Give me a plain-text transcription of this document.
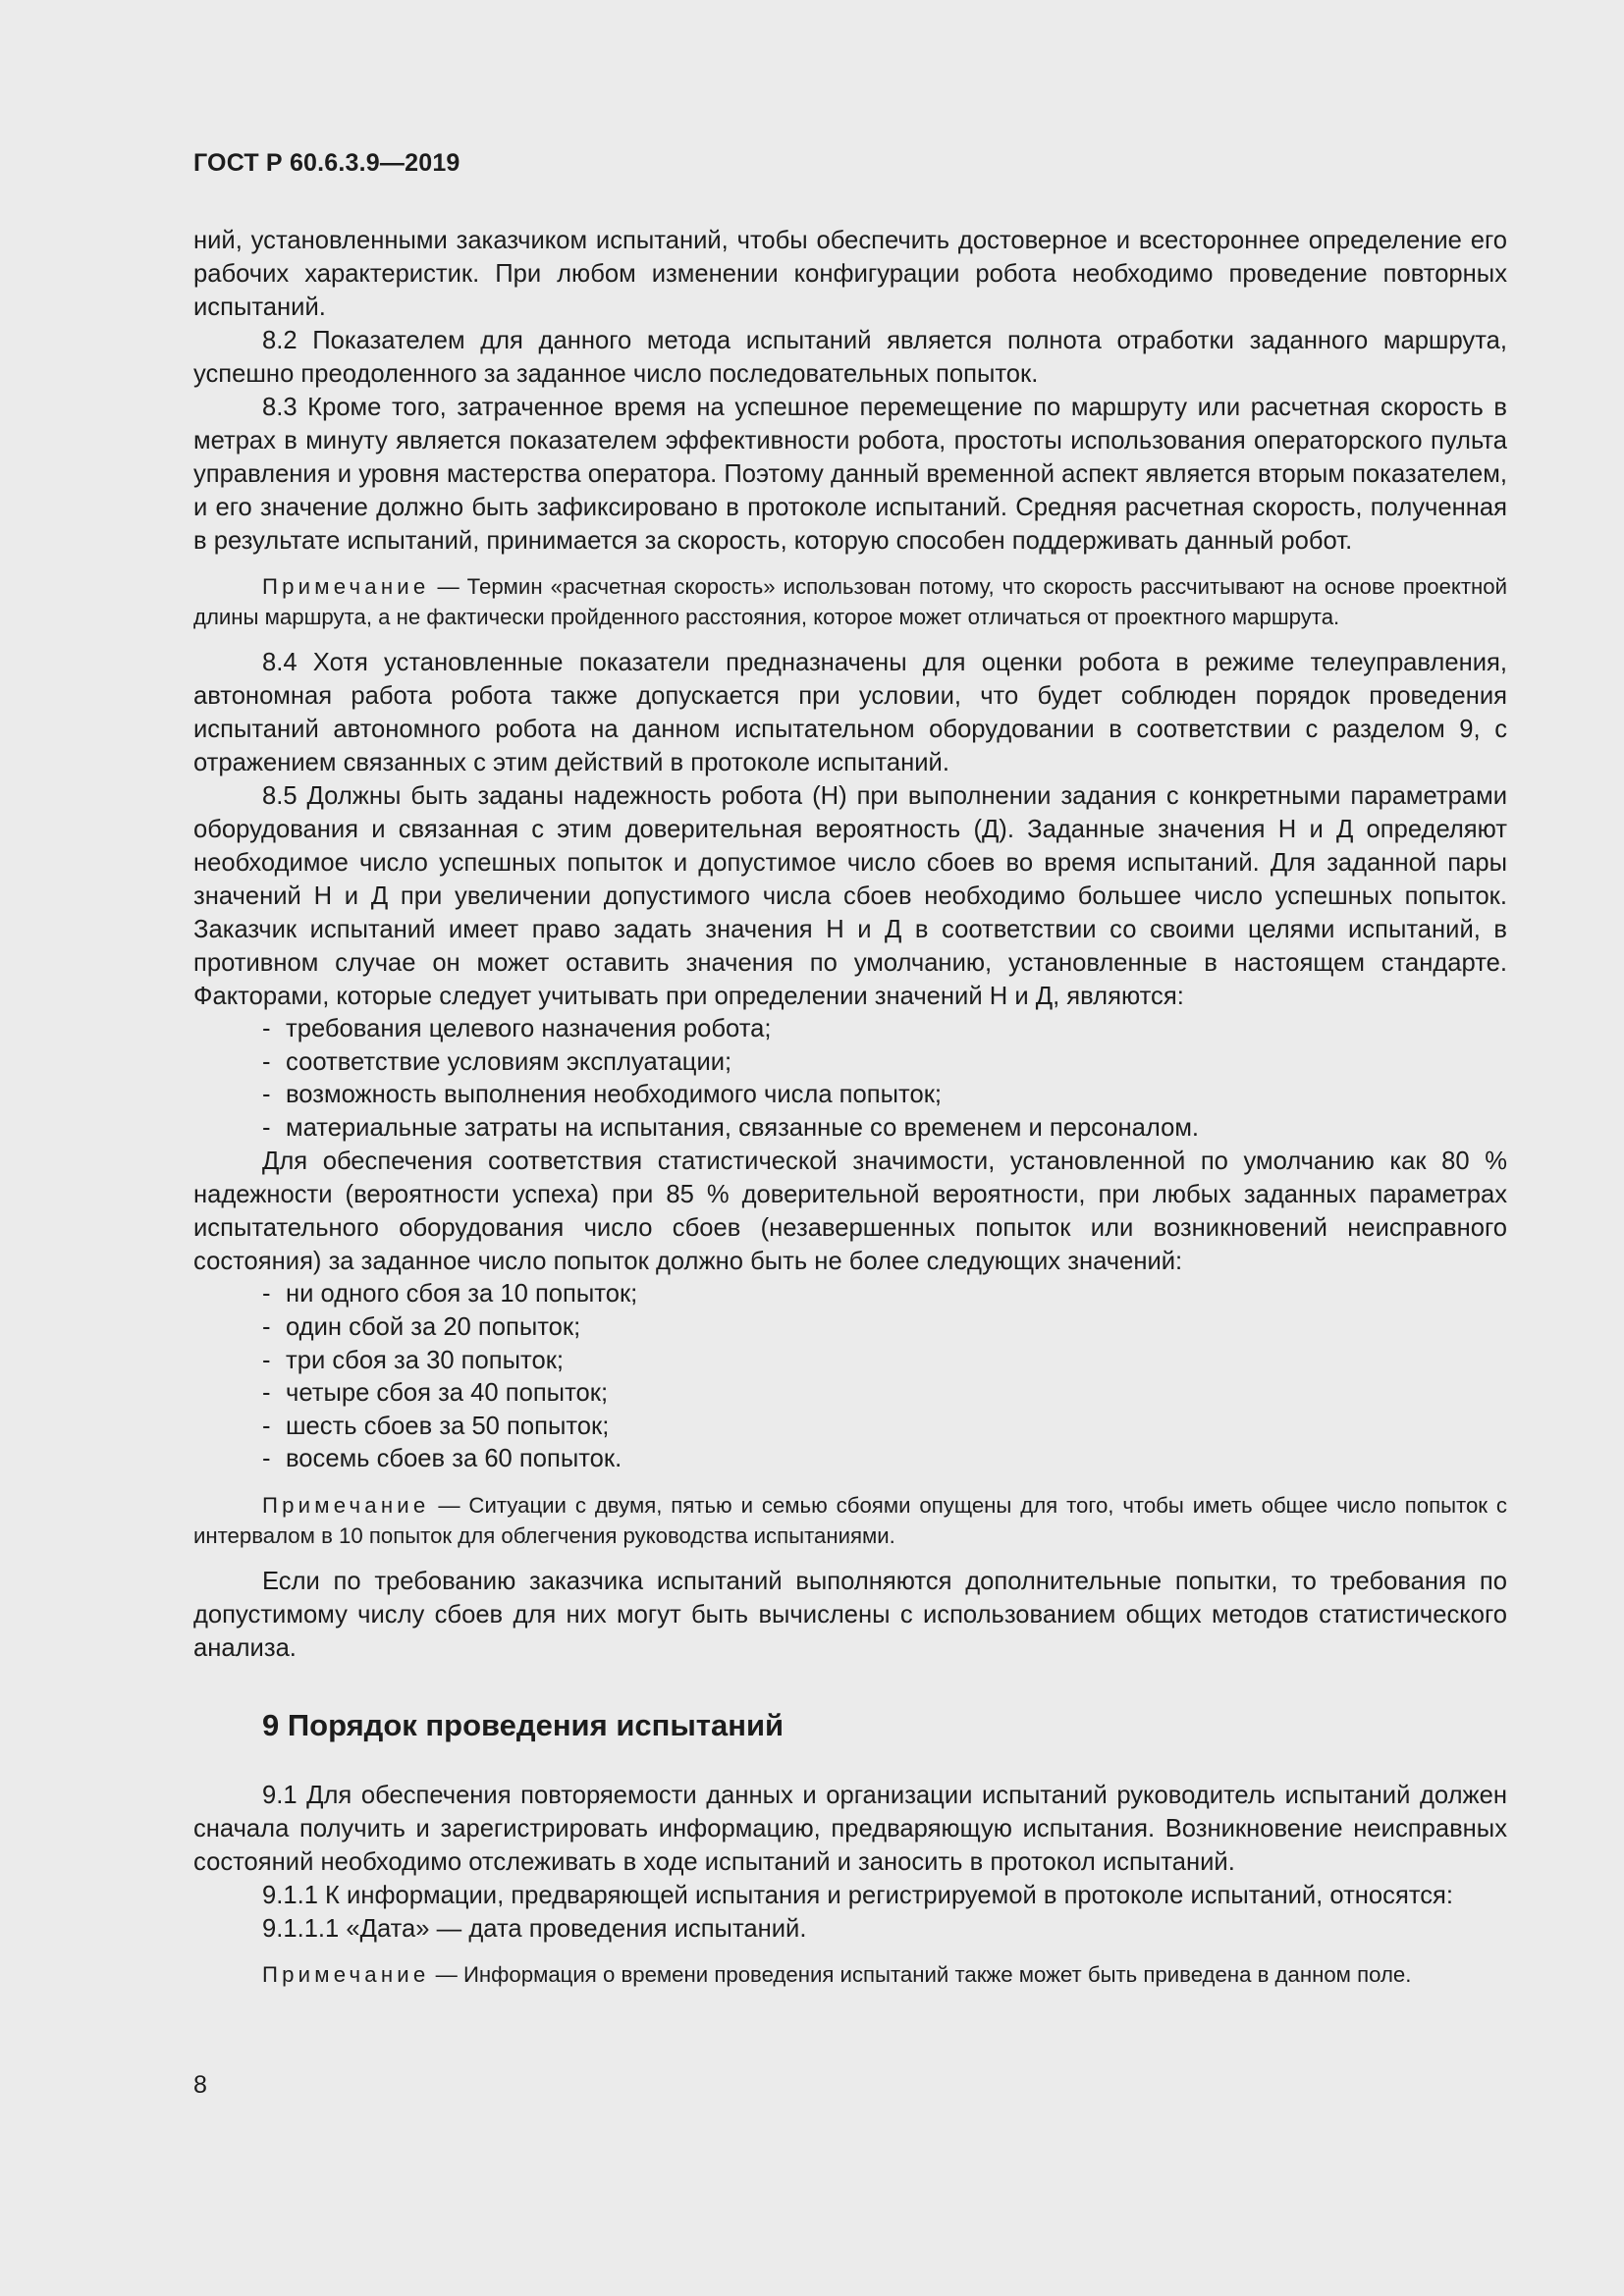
ГОСТ Р 60.6.3.9—2019

ний, установленными заказчиком испытаний, чтобы обеспечить достоверное и всестороннее определение его рабочих характеристик. При любом изменении конфигурации робота необходимо проведение повторных испытаний.

8.2 Показателем для данного метода испытаний является полнота отработки заданного маршрута, успешно преодоленного за заданное число последовательных попыток.

8.3 Кроме того, затраченное время на успешное перемещение по маршруту или расчетная скорость в метрах в минуту является показателем эффективности робота, простоты использования операторского пульта управления и уровня мастерства оператора. Поэтому данный временной аспект является вторым показателем, и его значение должно быть зафиксировано в протоколе испытаний. Средняя расчетная скорость, полученная в результате испытаний, принимается за скорость, которую способен поддерживать данный робот.

Примечание — Термин «расчетная скорость» использован потому, что скорость рассчитывают на основе проектной длины маршрута, а не фактически пройденного расстояния, которое может отличаться от проектного маршрута.

8.4 Хотя установленные показатели предназначены для оценки робота в режиме телеуправления, автономная работа робота также допускается при условии, что будет соблюден порядок проведения испытаний автономного робота на данном испытательном оборудовании в соответствии с разделом 9, с отражением связанных с этим действий в протоколе испытаний.

8.5 Должны быть заданы надежность робота (Н) при выполнении задания с конкретными параметрами оборудования и связанная с этим доверительная вероятность (Д). Заданные значения Н и Д определяют необходимое число успешных попыток и допустимое число сбоев во время испытаний. Для заданной пары значений Н и Д при увеличении допустимого числа сбоев необходимо большее число успешных попыток. Заказчик испытаний имеет право задать значения Н и Д в соответствии со своими целями испытаний, в противном случае он может оставить значения по умолчанию, установленные в настоящем стандарте. Факторами, которые следует учитывать при определении значений Н и Д, являются:

- требования целевого назначения робота;
- соответствие условиям эксплуатации;
- возможность выполнения необходимого числа попыток;
- материальные затраты на испытания, связанные со временем и персоналом.

Для обеспечения соответствия статистической значимости, установленной по умолчанию как 80 % надежности (вероятности успеха) при 85 % доверительной вероятности, при любых заданных параметрах испытательного оборудования число сбоев (незавершенных попыток или возникновений неисправного состояния) за заданное число попыток должно быть не более следующих значений:

- ни одного сбоя за 10 попыток;
- один сбой за 20 попыток;
- три сбоя за 30 попыток;
- четыре сбоя за 40 попыток;
- шесть сбоев за 50 попыток;
- восемь сбоев за 60 попыток.
Примечание — Ситуации с двумя, пятью и семью сбоями опущены для того, чтобы иметь общее число попыток с интервалом в 10 попыток для облегчения руководства испытаниями.

Если по требованию заказчика испытаний выполняются дополнительные попытки, то требования по допустимому числу сбоев для них могут быть вычислены с использованием общих методов статистического анализа.

9 Порядок проведения испытаний

9.1 Для обеспечения повторяемости данных и организации испытаний руководитель испытаний должен сначала получить и зарегистрировать информацию, предваряющую испытания. Возникновение неисправных состояний необходимо отслеживать в ходе испытаний и заносить в протокол испытаний.

9.1.1 К информации, предваряющей испытания и регистрируемой в протоколе испытаний, относятся:

9.1.1.1 «Дата» — дата проведения испытаний.

Примечание — Информация о времени проведения испытаний также может быть приведена в данном поле.
8
